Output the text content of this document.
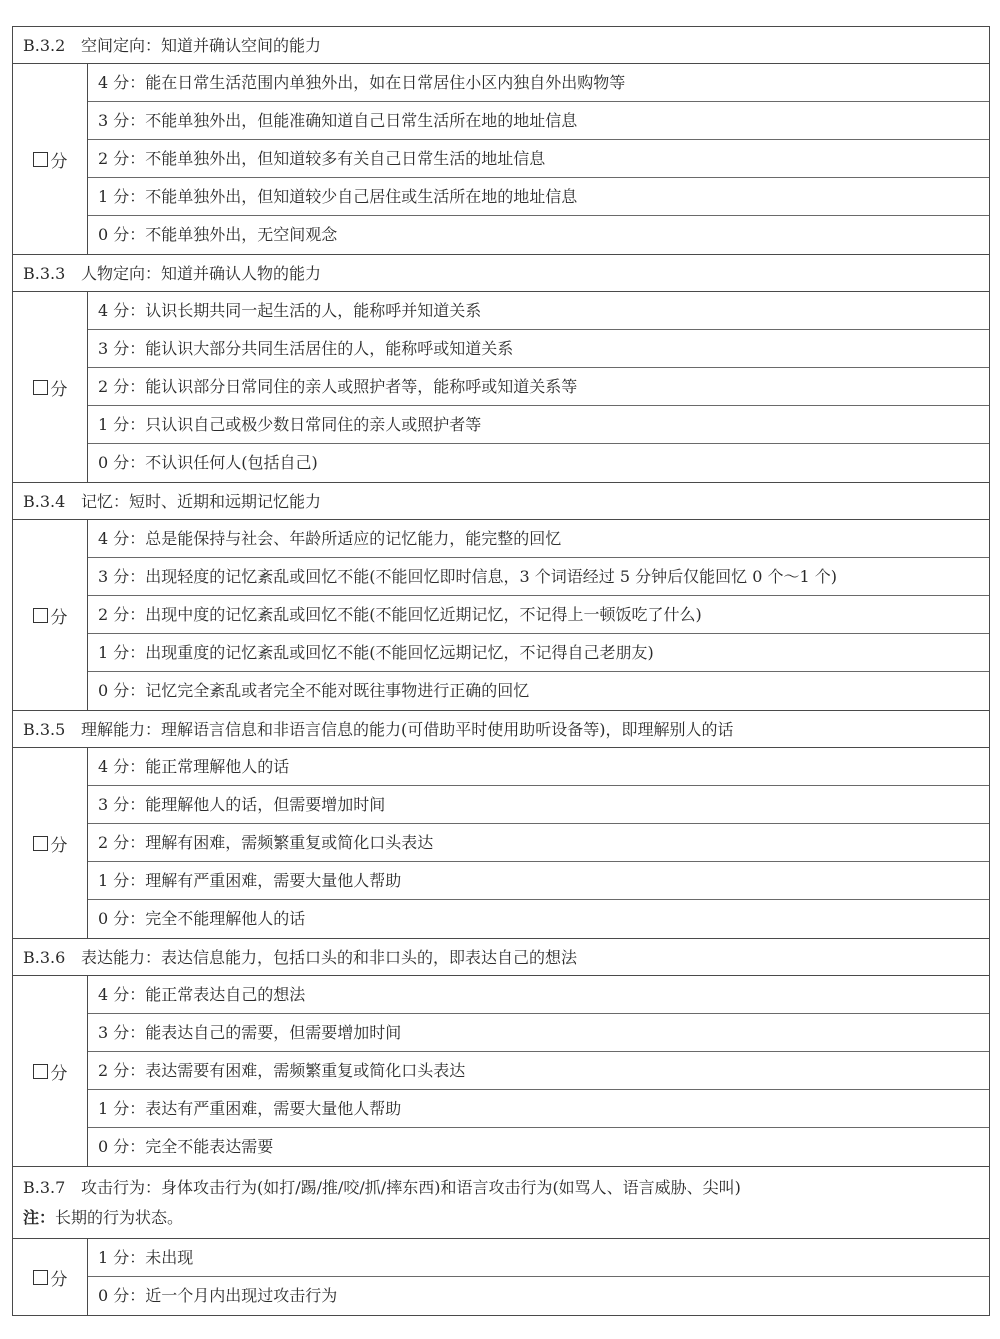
B.3.2 空间定向：知道并确认空间的能力
分
4 分：能在日常生活范围内单独外出，如在日常居住小区内独自外出购物等
3 分：不能单独外出，但能准确知道自己日常生活所在地的地址信息
2 分：不能单独外出，但知道较多有关自己日常生活的地址信息
1 分：不能单独外出，但知道较少自己居住或生活所在地的地址信息
0 分：不能单独外出，无空间观念
B.3.3 人物定向：知道并确认人物的能力
分
4 分：认识长期共同一起生活的人，能称呼并知道关系
3 分：能认识大部分共同生活居住的人，能称呼或知道关系
2 分：能认识部分日常同住的亲人或照护者等，能称呼或知道关系等
1 分：只认识自己或极少数日常同住的亲人或照护者等
0 分：不认识任何人(包括自己)
B.3.4 记忆：短时、近期和远期记忆能力
分
4 分：总是能保持与社会、年龄所适应的记忆能力，能完整的回忆
3 分：出现轻度的记忆紊乱或回忆不能(不能回忆即时信息，3 个词语经过 5 分钟后仅能回忆 0 个～1 个)
2 分：出现中度的记忆紊乱或回忆不能(不能回忆近期记忆，不记得上一顿饭吃了什么)
1 分：出现重度的记忆紊乱或回忆不能(不能回忆远期记忆，不记得自己老朋友)
0 分：记忆完全紊乱或者完全不能对既往事物进行正确的回忆
B.3.5 理解能力：理解语言信息和非语言信息的能力(可借助平时使用助听设备等)，即理解别人的话
分
4 分：能正常理解他人的话
3 分：能理解他人的话，但需要增加时间
2 分：理解有困难，需频繁重复或简化口头表达
1 分：理解有严重困难，需要大量他人帮助
0 分：完全不能理解他人的话
B.3.6 表达能力：表达信息能力，包括口头的和非口头的，即表达自己的想法
分
4 分：能正常表达自己的想法
3 分：能表达自己的需要，但需要增加时间
2 分：表达需要有困难，需频繁重复或简化口头表达
1 分：表达有严重困难，需要大量他人帮助
0 分：完全不能表达需要
B.3.7 攻击行为：身体攻击行为(如打/踢/推/咬/抓/摔东西)和语言攻击行为(如骂人、语言威胁、尖叫)
注：长期的行为状态。
分
1 分：未出现
0 分：近一个月内出现过攻击行为
